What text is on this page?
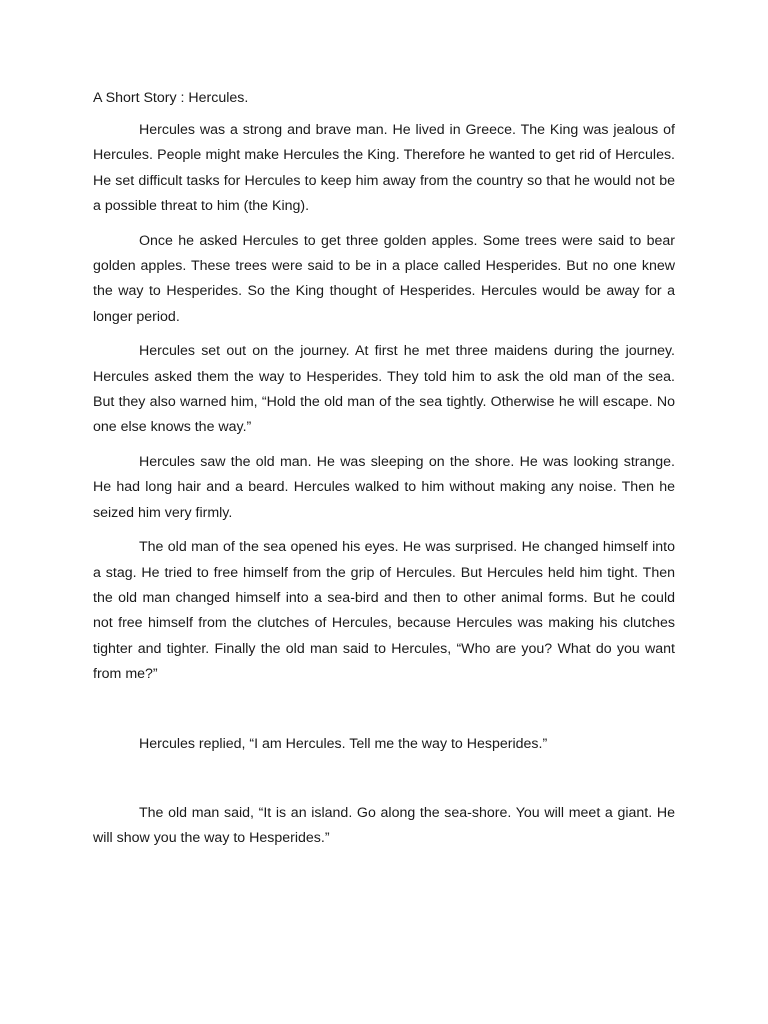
A Short Story : Hercules.

Hercules was a strong and brave man. He lived in Greece. The King was jealous of Hercules. People might make Hercules the King. Therefore he wanted to get rid of Hercules. He set difficult tasks for Hercules to keep him away from the country so that he would not be a possible threat to him (the King).

Once he asked Hercules to get three golden apples. Some trees were said to bear golden apples. These trees were said to be in a place called Hesperides. But no one knew the way to Hesperides. So the King thought of Hesperides. Hercules would be away for a longer period.

Hercules set out on the journey. At first he met three maidens during the journey. Hercules asked them the way to Hesperides. They told him to ask the old man of the sea. But they also warned him, “Hold the old man of the sea tightly. Otherwise he will escape. No one else knows the way.”

Hercules saw the old man. He was sleeping on the shore. He was looking strange. He had long hair and a beard. Hercules walked to him without making any noise. Then he seized him very firmly.

The old man of the sea opened his eyes. He was surprised. He changed himself into a stag. He tried to free himself from the grip of Hercules. But Hercules held him tight. Then the old man changed himself into a sea-bird and then to other animal forms. But he could not free himself from the clutches of Hercules, because Hercules was making his clutches tighter and tighter. Finally the old man said to Hercules, “Who are you? What do you want from me?”

Hercules replied, “I am Hercules. Tell me the way to Hesperides.”

The old man said, “It is an island. Go along the sea-shore. You will meet a giant. He will show you the way to Hesperides.”
